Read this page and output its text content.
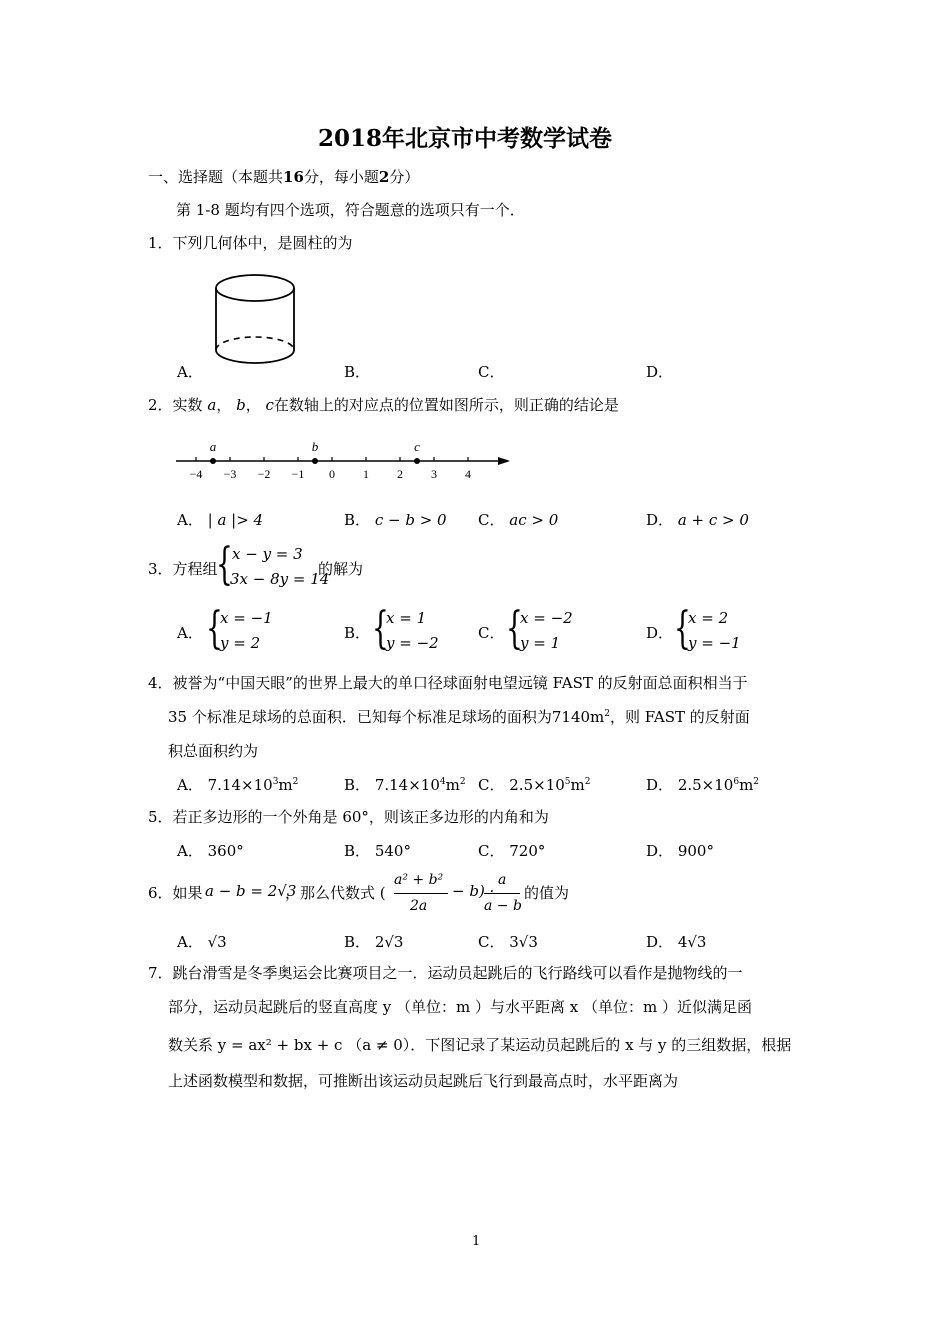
2018年北京市中考数学试卷
一、选择题（本题共16分，每小题2分）
第 1-8 题均有四个选项，符合题意的选项只有一个．
1．下列几何体中，是圆柱的为
A．	B．	C．	D．
2．实数 a， b， c在数轴上的对应点的位置如图所示，则正确的结论是
−4 −3 −2 −1 0 1 2 3 4
a	b	c
A． | a |> 4	B． c − b > 0 C． ac > 0	D． a + c > 0
3．方程组
{ x − y = 3
3x − 8y = 14
的解为
A． {
x = −1
y = 2
B． {
x = 1
y = −2
C． {
x = −2
y = 1
D． {
x = 2
y = −1
4．被誉为“中国天眼”的世界上最大的单口径球面射电望远镜 FAST 的反射面总面积相当于
35 个标准足球场的总面积．已知每个标准足球场的面积为$7140m^2$，则 FAST 的反射面
积总面积约为
A． $7.14\times 10^3m^2$	B． $7.14\times 10^4m^2$ C． $2.5\times 10^5m^2$	D． $2.5\times 10^6m^2$
5．若正多边形的一个外角是 60°，则该正多边形的内角和为
A． 360°	B． 540°	C． 720°	D． 900°
6．如果 a − b = 2√3
，那么代数式 (
a² + b²
2a
− b) ·
a
a − b
的值为
A． √3	B． 2√3	C． 3√3	D． 4√3
7．跳台滑雪是冬季奥运会比赛项目之一．运动员起跳后的飞行路线可以看作是抛物线的一
部分，运动员起跳后的竖直高度 y （单位：m ）与水平距离 x （单位：m ）近似满足函
数关系 y = ax² + bx + c （a ≠ 0）．下图记录了某运动员起跳后的 x 与 y 的三组数据，根据
上述函数模型和数据，可推断出该运动员起跳后飞行到最高点时，水平距离为
1
